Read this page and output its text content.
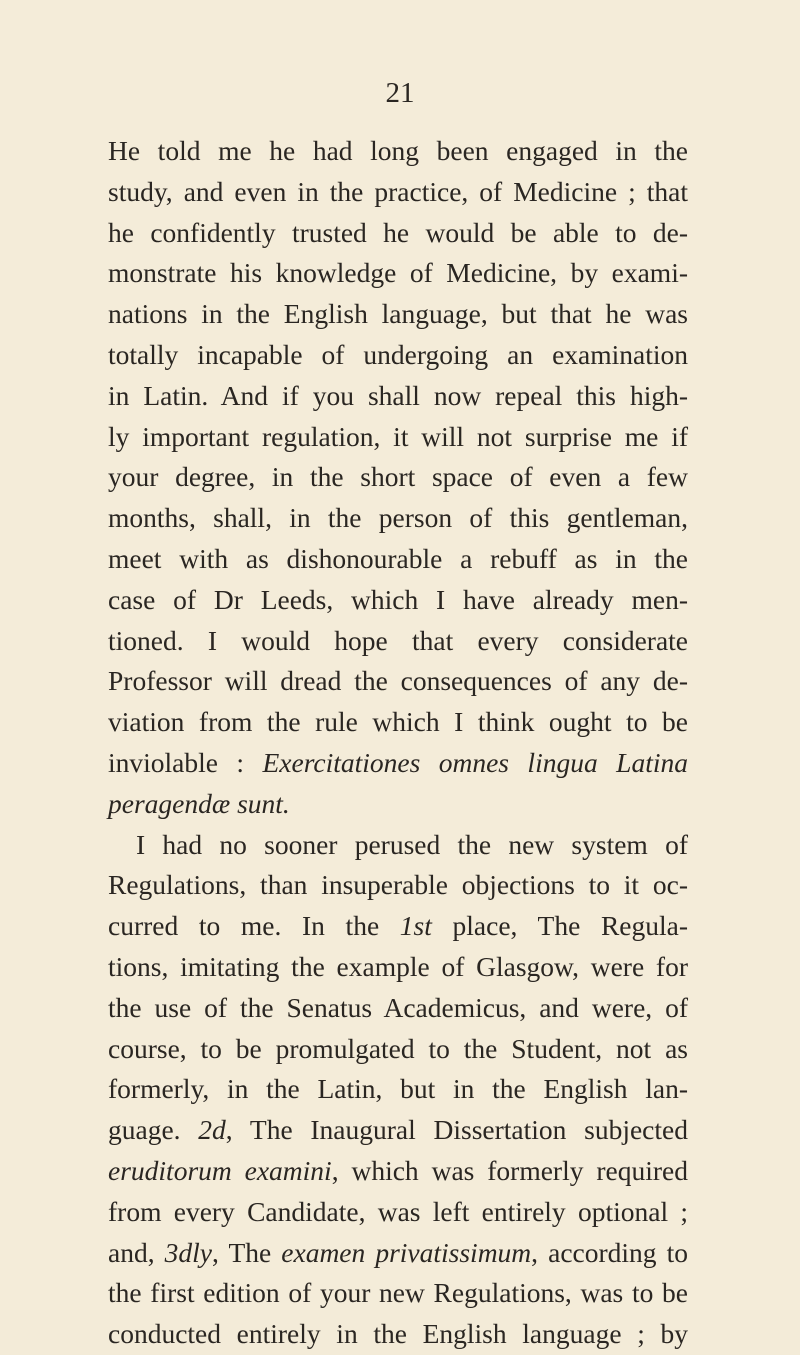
21
He told me he had long been engaged in the
study, and even in the practice, of Medicine ; that
he confidently trusted he would be able to de-
monstrate his knowledge of Medicine, by exami-
nations in the English language, but that he was
totally incapable of undergoing an examination
in Latin. And if you shall now repeal this high-
ly important regulation, it will not surprise me if
your degree, in the short space of even a few
months, shall, in the person of this gentleman,
meet with as dishonourable a rebuff as in the
case of Dr Leeds, which I have already men-
tioned. I would hope that every considerate
Professor will dread the consequences of any de-
viation from the rule which I think ought to be
inviolable : Exercitationes omnes lingua Latina
peragendæ sunt.
I had no sooner perused the new system of
Regulations, than insuperable objections to it oc-
curred to me. In the 1st place, The Regula-
tions, imitating the example of Glasgow, were for
the use of the Senatus Academicus, and were, of
course, to be promulgated to the Student, not as
formerly, in the Latin, but in the English lan-
guage. 2d, The Inaugural Dissertation subjected
eruditorum examini, which was formerly required
from every Candidate, was left entirely optional ;
and, 3dly, The examen privatissimum, according to
the first edition of your new Regulations, was to be
conducted entirely in the English language ; by
